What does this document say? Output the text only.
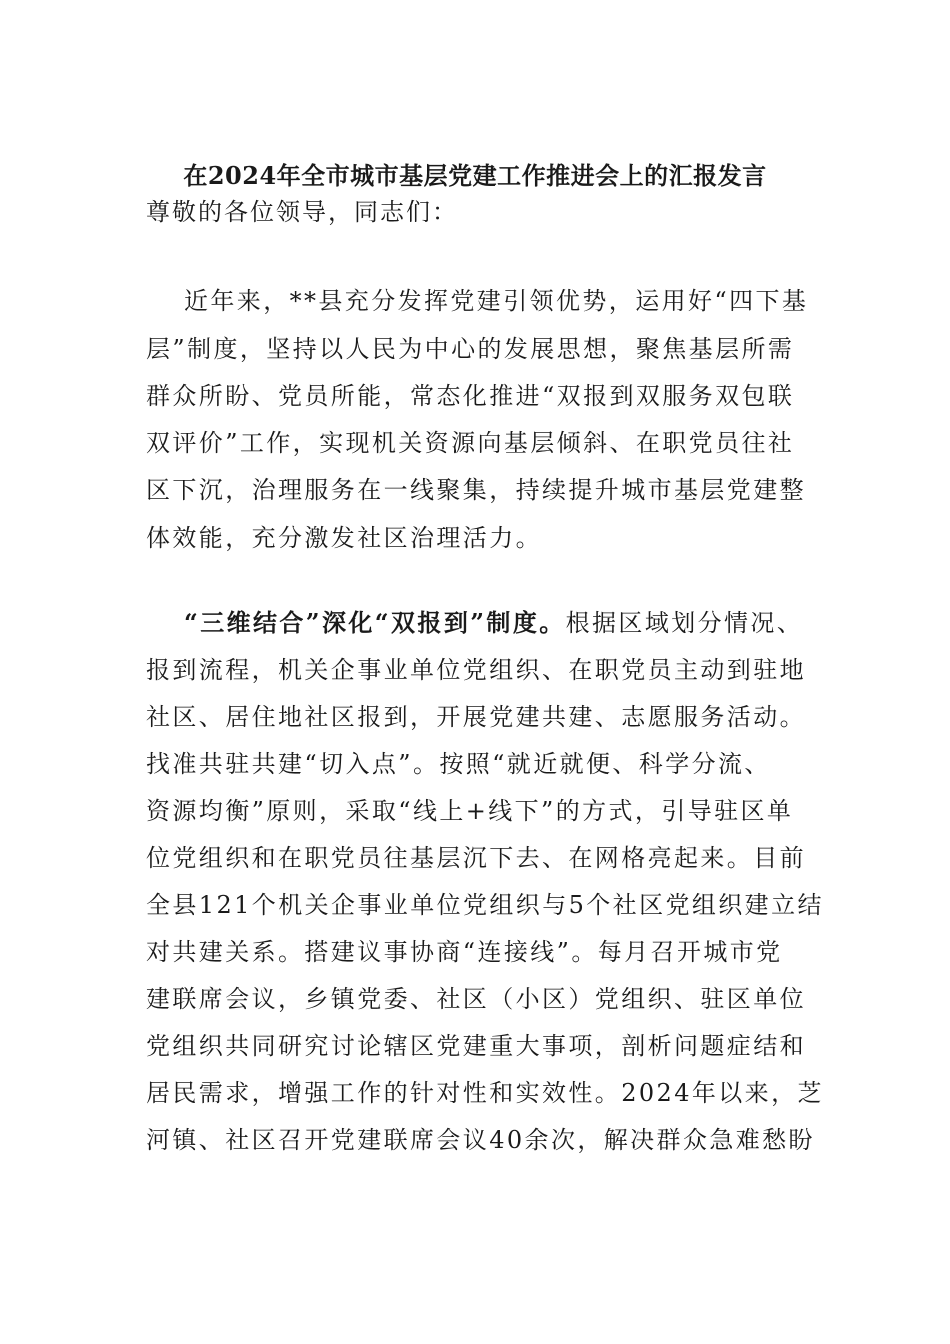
在2024年全市城市基层党建工作推进会上的汇报发言
尊敬的各位领导，同志们：
近年来，**县充分发挥党建引领优势，运用好“四下基
层”制度，坚持以人民为中心的发展思想，聚焦基层所需
群众所盼、党员所能，常态化推进“双报到双服务双包联
双评价”工作，实现机关资源向基层倾斜、在职党员往社
区下沉，治理服务在一线聚集，持续提升城市基层党建整
体效能，充分激发社区治理活力。
“三维结合”深化“双报到”制度。根据区域划分情况、
报到流程，机关企事业单位党组织、在职党员主动到驻地
社区、居住地社区报到，开展党建共建、志愿服务活动。
找准共驻共建“切入点”。按照“就近就便、科学分流、
资源均衡”原则，采取“线上+线下”的方式，引导驻区单
位党组织和在职党员往基层沉下去、在网格亮起来。目前
全县121个机关企事业单位党组织与5个社区党组织建立结
对共建关系。搭建议事协商“连接线”。每月召开城市党
建联席会议，乡镇党委、社区（小区）党组织、驻区单位
党组织共同研究讨论辖区党建重大事项，剖析问题症结和
居民需求，增强工作的针对性和实效性。2024年以来，芝
河镇、社区召开党建联席会议40余次，解决群众急难愁盼
